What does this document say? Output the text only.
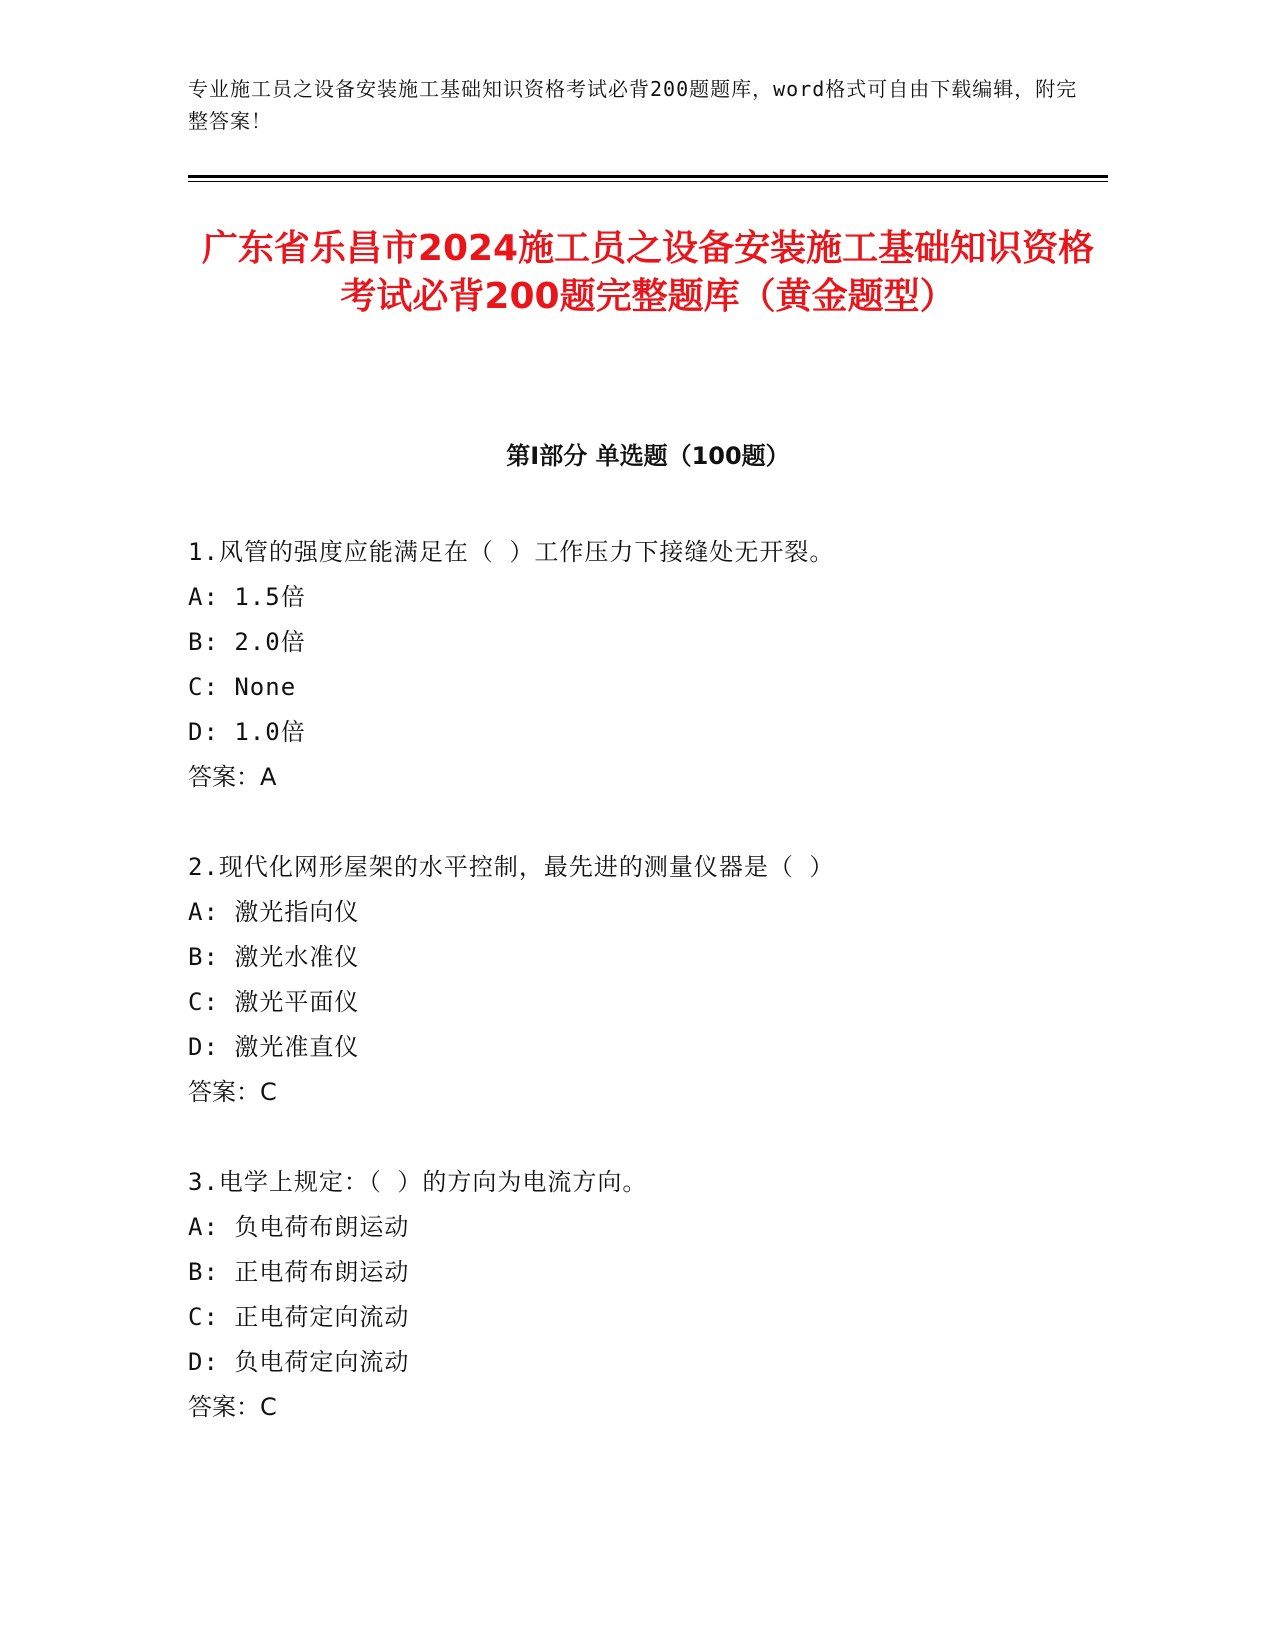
专业施工员之设备安装施工基础知识资格考试必背200题题库，word格式可自由下载编辑，附完整答案！

广东省乐昌市2024施工员之设备安装施工基础知识资格考试必背200题完整题库（黄金题型）
第Ⅰ部分 单选题（100题）
1.风管的强度应能满足在（ ）工作压力下接缝处无开裂。
A: 1.5倍
B: 2.0倍
C: None
D: 1.0倍
答案：A
2.现代化网形屋架的水平控制，最先进的测量仪器是（ ）
A: 激光指向仪
B: 激光水准仪
C: 激光平面仪
D: 激光准直仪
答案：C
3.电学上规定：（ ）的方向为电流方向。
A: 负电荷布朗运动
B: 正电荷布朗运动
C: 正电荷定向流动
D: 负电荷定向流动
答案：C
